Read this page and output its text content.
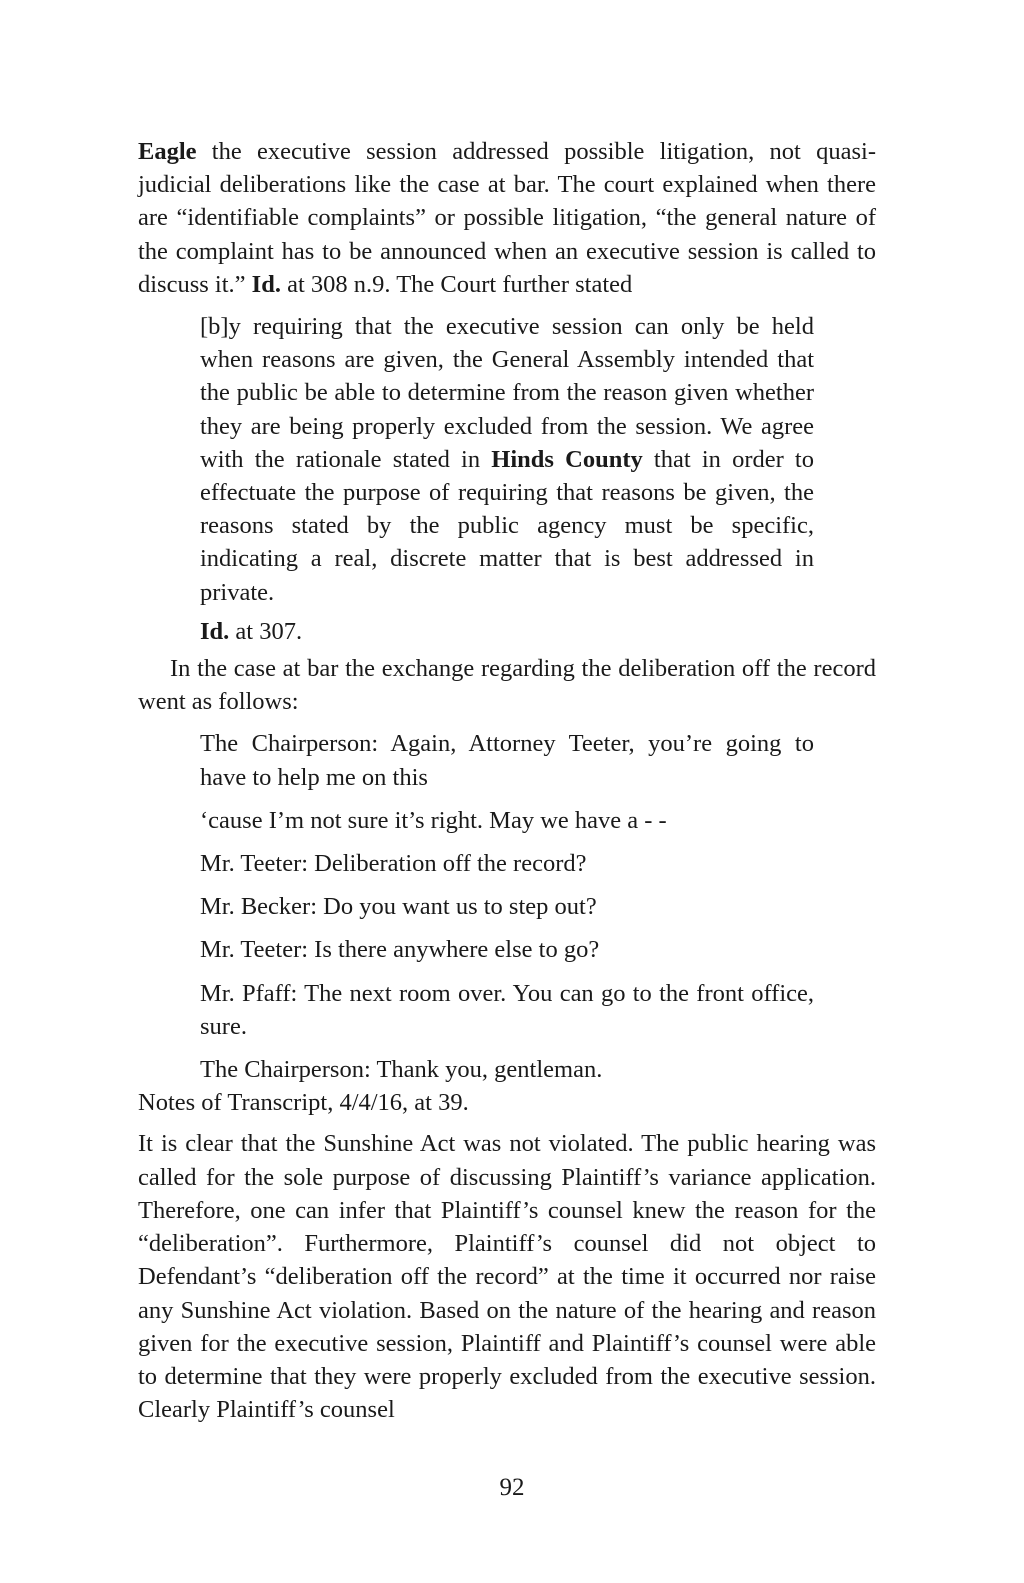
Eagle the executive session addressed possible litigation, not quasi-judicial deliberations like the case at bar. The court explained when there are “identifiable complaints” or possible litigation, “the general nature of the complaint has to be announced when an executive session is called to discuss it.” Id. at 308 n.9. The Court further stated

[b]y requiring that the executive session can only be held when reasons are given, the General Assembly intended that the public be able to determine from the reason given whether they are being properly excluded from the session. We agree with the rationale stated in Hinds County that in order to effectuate the purpose of requiring that reasons be given, the reasons stated by the public agency must be specific, indicating a real, discrete matter that is best addressed in private.
Id. at 307.

In the case at bar the exchange regarding the deliberation off the record went as follows:

The Chairperson: Again, Attorney Teeter, you’re going to have to help me on this
‘cause I’m not sure it’s right. May we have a - -
Mr. Teeter: Deliberation off the record?
Mr. Becker: Do you want us to step out?
Mr. Teeter: Is there anywhere else to go?
Mr. Pfaff: The next room over. You can go to the front office, sure.
The Chairperson: Thank you, gentleman.

Notes of Transcript, 4/4/16, at 39.

It is clear that the Sunshine Act was not violated. The public hearing was called for the sole purpose of discussing Plaintiff’s variance application. Therefore, one can infer that Plaintiff’s counsel knew the reason for the “deliberation”. Furthermore, Plaintiff’s counsel did not object to Defendant’s “deliberation off the record” at the time it occurred nor raise any Sunshine Act violation. Based on the nature of the hearing and reason given for the executive session, Plaintiff and Plaintiff’s counsel were able to determine that they were properly excluded from the executive session. Clearly Plaintiff’s counsel

92
